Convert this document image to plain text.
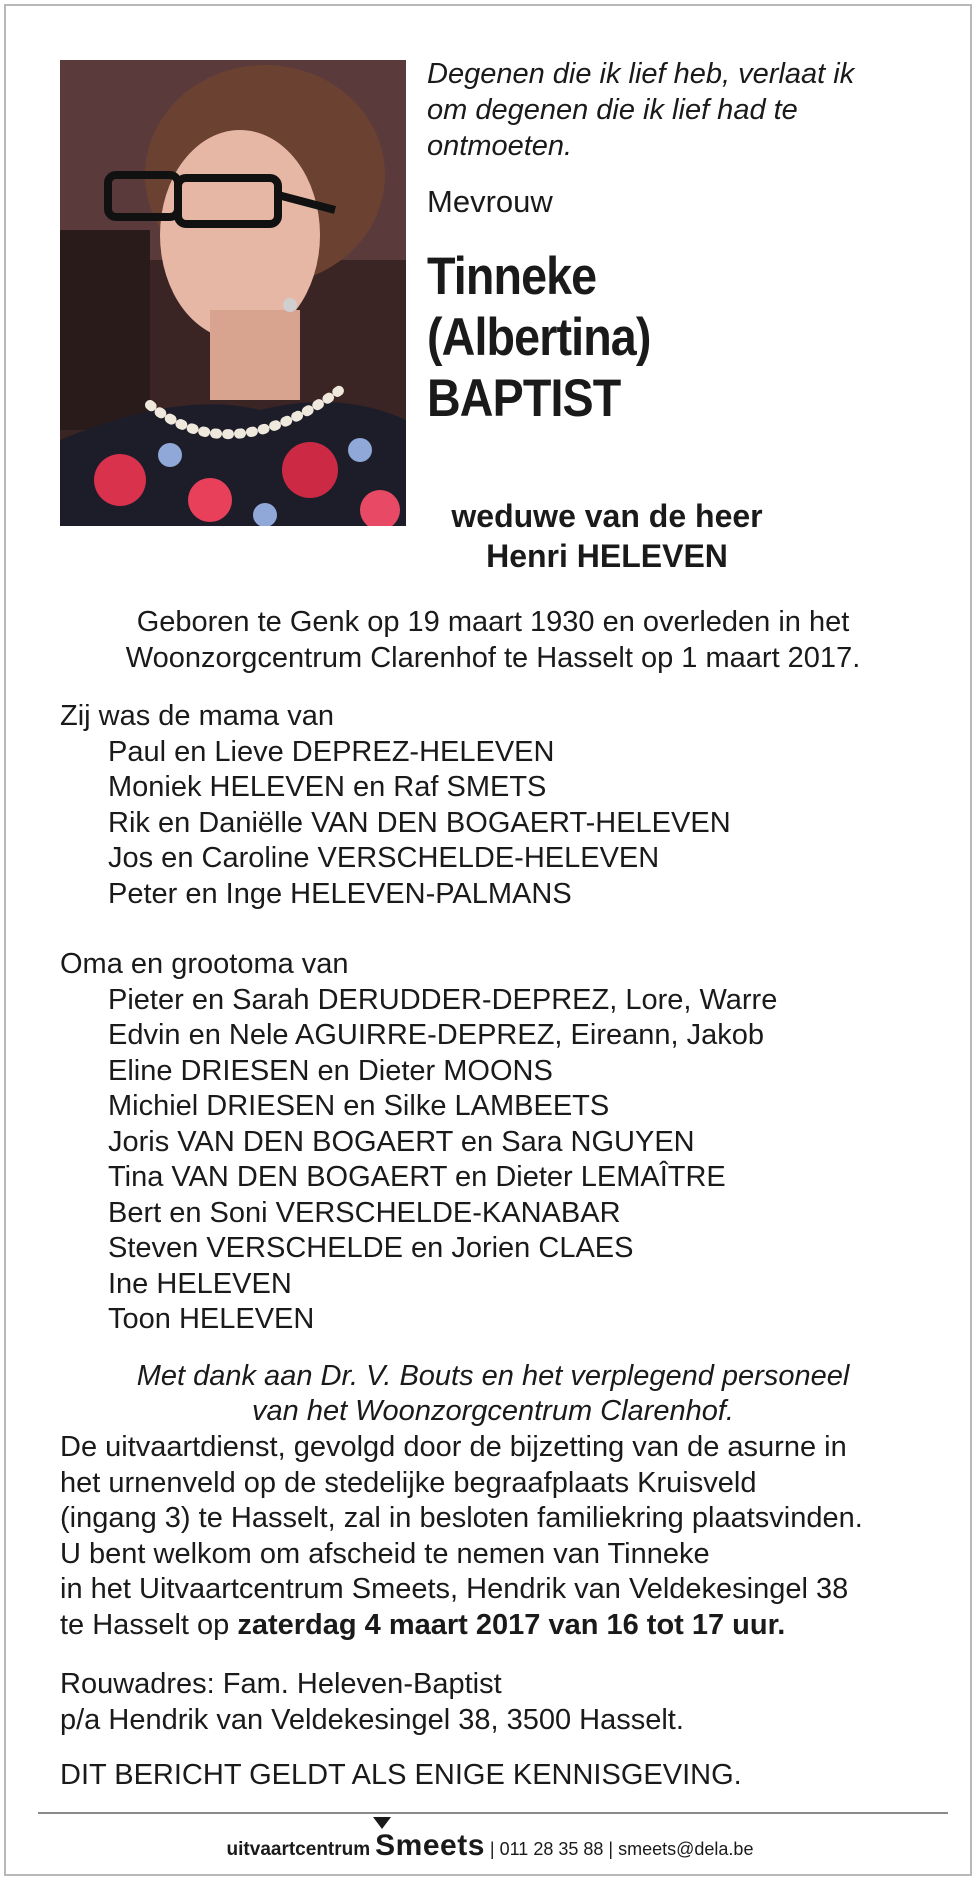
Degenen die ik lief heb, verlaat ik
om degenen die ik lief had te
ontmoeten.
Mevrouw
Tinneke
(Albertina)
BAPTIST
weduwe van de heer
Henri HELEVEN
Geboren te Genk op 19 maart 1930 en overleden in het
Woonzorgcentrum Clarenhof te Hasselt op 1 maart 2017.
Zij was de mama van
Paul en Lieve DEPREZ-HELEVEN
Moniek HELEVEN en Raf SMETS
Rik en Daniëlle VAN DEN BOGAERT-HELEVEN
Jos en Caroline VERSCHELDE-HELEVEN
Peter en Inge HELEVEN-PALMANS
Oma en grootoma van
Pieter en Sarah DERUDDER-DEPREZ, Lore, Warre
Edvin en Nele AGUIRRE-DEPREZ, Eireann, Jakob
Eline DRIESEN en Dieter MOONS
Michiel DRIESEN en Silke LAMBEETS
Joris VAN DEN BOGAERT en Sara NGUYEN
Tina VAN DEN BOGAERT en Dieter LEMAÎTRE
Bert en Soni VERSCHELDE-KANABAR
Steven VERSCHELDE en Jorien CLAES
Ine HELEVEN
Toon HELEVEN
Met dank aan Dr. V. Bouts en het verplegend personeel
van het Woonzorgcentrum Clarenhof.
De uitvaartdienst, gevolgd door de bijzetting van de asurne in
het urnenveld op de stedelijke begraafplaats Kruisveld
(ingang 3) te Hasselt, zal in besloten familiekring plaatsvinden.
U bent welkom om afscheid te nemen van Tinneke
in het Uitvaartcentrum Smeets, Hendrik van Veldekesingel 38
te Hasselt op zaterdag 4 maart 2017 van 16 tot 17 uur.
Rouwadres: Fam. Heleven-Baptist
p/a Hendrik van Veldekesingel 38, 3500 Hasselt.
DIT BERICHT GELDT ALS ENIGE KENNISGEVING.
uitvaartcentrum Smeets | 011 28 35 88 | smeets@dela.be
